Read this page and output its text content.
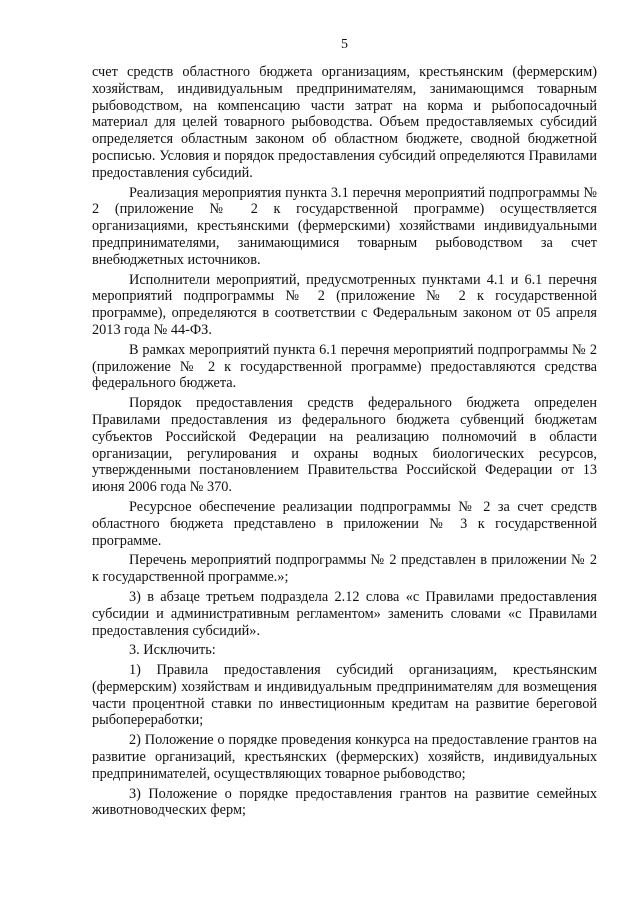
5

счет средств областного бюджета организациям, крестьянским (фермерским) хозяйствам, индивидуальным предпринимателям, занимающимся товарным рыбоводством, на компенсацию части затрат на корма и рыбопосадочный материал для целей товарного рыбоводства. Объем предоставляемых субсидий определяется областным законом об областном бюджете, сводной бюджетной росписью. Условия и порядок предоставления субсидий определяются Правилами предоставления субсидий.

Реализация мероприятия пункта 3.1 перечня мероприятий подпрограммы № 2 (приложение № 2 к государственной программе) осуществляется организациями, крестьянскими (фермерскими) хозяйствами индивидуальными предпринимателями, занимающимися товарным рыбоводством за счет внебюджетных источников.

Исполнители мероприятий, предусмотренных пунктами 4.1 и 6.1 перечня мероприятий подпрограммы № 2 (приложение № 2 к государственной программе), определяются в соответствии с Федеральным законом от 05 апреля 2013 года № 44-ФЗ.

В рамках мероприятий пункта 6.1 перечня мероприятий подпрограммы № 2 (приложение № 2 к государственной программе) предоставляются средства федерального бюджета.

Порядок предоставления средств федерального бюджета определен Правилами предоставления из федерального бюджета субвенций бюджетам субъектов Российской Федерации на реализацию полномочий в области организации, регулирования и охраны водных биологических ресурсов, утвержденными постановлением Правительства Российской Федерации от 13 июня 2006 года № 370.

Ресурсное обеспечение реализации подпрограммы № 2 за счет средств областного бюджета представлено в приложении № 3 к государственной программе.

Перечень мероприятий подпрограммы № 2 представлен в приложении № 2 к государственной программе.»;

3) в абзаце третьем подраздела 2.12 слова «с Правилами предоставления субсидии и административным регламентом» заменить словами «с Правилами предоставления субсидий».

3. Исключить:

1) Правила предоставления субсидий организациям, крестьянским (фермерским) хозяйствам и индивидуальным предпринимателям для возмещения части процентной ставки по инвестиционным кредитам на развитие береговой рыбопереработки;

2) Положение о порядке проведения конкурса на предоставление грантов на развитие организаций, крестьянских (фермерских) хозяйств, индивидуальных предпринимателей, осуществляющих товарное рыбоводство;

3) Положение о порядке предоставления грантов на развитие семейных животноводческих ферм;
